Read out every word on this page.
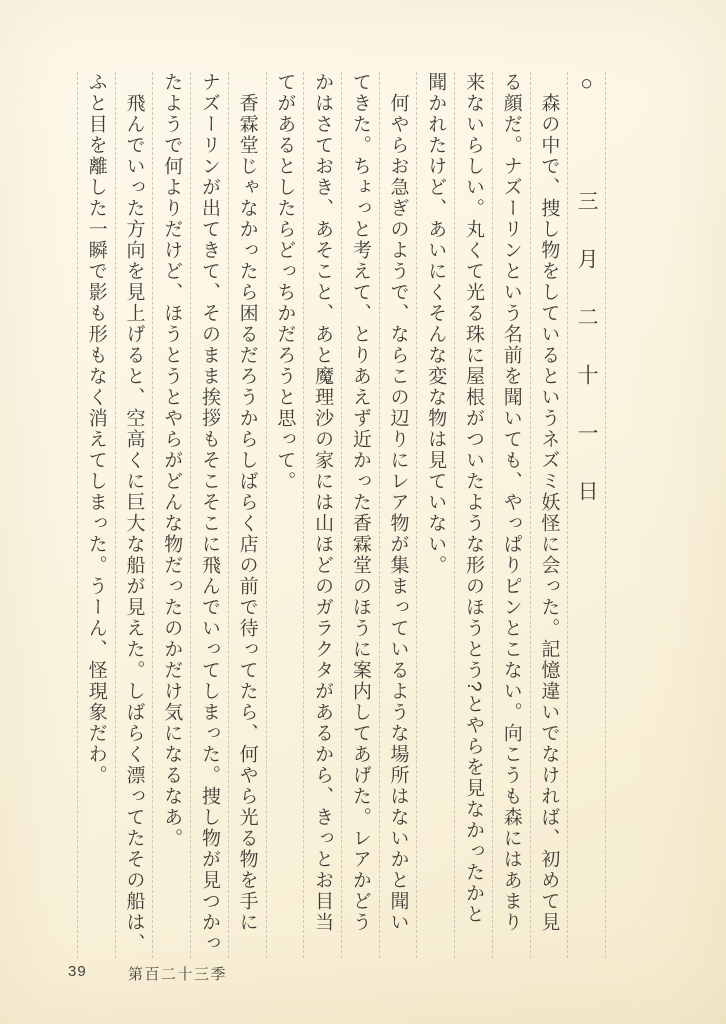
○　三月二十一日
　森の中で、捜し物をしているというネズミ妖怪に会った。記憶違いでなければ、初めて見
る顔だ。ナズーリンという名前を聞いても、やっぱりピンとこない。向こうも森にはあまり
来ないらしい。丸くて光る珠に屋根がついたような形のほうとう?とやらを見なかったかと
聞かれたけど、あいにくそんな変な物は見ていない。
　何やらお急ぎのようで、ならこの辺りにレア物が集まっているような場所はないかと聞い
てきた。ちょっと考えて、とりあえず近かった香霖堂のほうに案内してあげた。レアかどう
かはさておき、あそこと、あと魔理沙の家には山ほどのガラクタがあるから、きっとお目当
てがあるとしたらどっちかだろうと思って。
　香霖堂じゃなかったら困るだろうからしばらく店の前で待ってたら、何やら光る物を手に
ナズーリンが出てきて、そのまま挨拶もそこそこに飛んでいってしまった。捜し物が見つかっ
たようで何よりだけど、ほうとうとやらがどんな物だったのかだけ気になるなあ。
　飛んでいった方向を見上げると、空高くに巨大な船が見えた。しばらく漂ってたその船は、
ふと目を離した一瞬で影も形もなく消えてしまった。うーん、怪現象だわ。
39	第百二十三季
